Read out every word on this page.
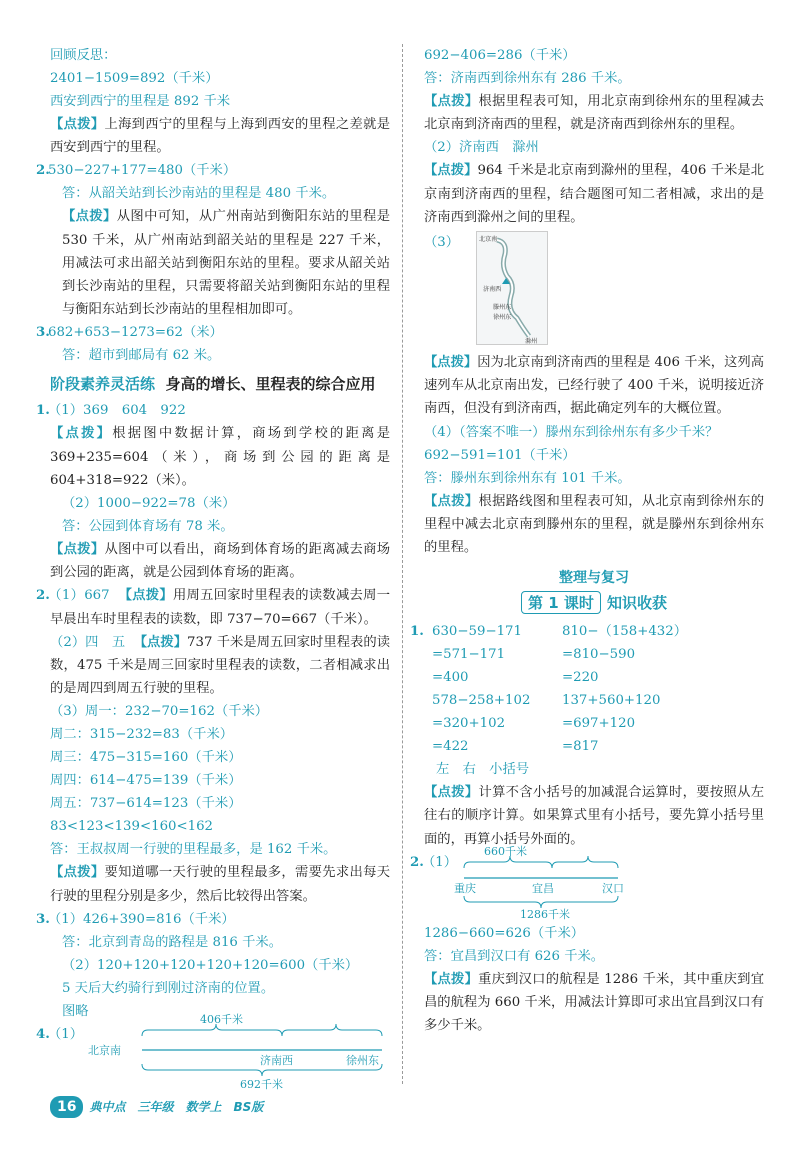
回顾反思：

2401−1509=892（千米）

西安到西宁的里程是 892 千米

【点拨】上海到西宁的里程与上海到西安的里程之差就是西安到西宁的里程。

2.530−227+177=480（千米）

答：从韶关站到长沙南站的里程是 480 千米。

【点拨】从图中可知，从广州南站到衡阳东站的里程是 530 千米，从广州南站到韶关站的里程是 227 千米，用减法可求出韶关站到衡阳东站的里程。要求从韶关站到长沙南站的里程，只需要将韶关站到衡阳东站的里程与衡阳东站到长沙南站的里程相加即可。

3.682+653−1273=62（米）

答：超市到邮局有 62 米。

阶段素养灵活练 身高的增长、里程表的综合应用

1.（1）369　604　922

【点拨】根据图中数据计算，商场到学校的距离是 369+235=604（米），商场到公园的距离是 604+318=922（米）。

（2）1000−922=78（米）

答：公园到体育场有 78 米。

【点拨】从图中可以看出，商场到体育场的距离减去商场到公园的距离，就是公园到体育场的距离。

2.（1）667 【点拨】用周五回家时里程表的读数减去周一早晨出车时里程表的读数，即 737−70=667（千米）。

（2）四　五 【点拨】737 千米是周五回家时里程表的读数，475 千米是周三回家时里程表的读数，二者相减求出的是周四到周五行驶的里程。

（3）周一：232−70=162（千米）

周二：315−232=83（千米）

周三：475−315=160（千米）

周四：614−475=139（千米）

周五：737−614=123（千米）

83<123<139<160<162

答：王叔叔周一行驶的里程最多，是 162 千米。

【点拨】要知道哪一天行驶的里程最多，需要先求出每天行驶的里程分别是多少，然后比较得出答案。

3.（1）426+390=816（千米）

答：北京到青岛的路程是 816 千米。

（2）120+120+120+120+120=600（千米）

5 天后大约骑行到刚过济南的位置。

图略

4.（1）

406千米
北京南
济南西	徐州东
692千米

692−406=286（千米）

答：济南西到徐州东有 286 千米。

【点拨】根据里程表可知，用北京南到徐州东的里程减去北京南到济南西的里程，就是济南西到徐州东的里程。

（2）济南西　滁州

【点拨】964 千米是北京南到滁州的里程，406 千米是北京南到济南西的里程，结合题图可知二者相减，求出的是济南西到滁州之间的里程。

$^{(3)}$	北京南
济南西
滕州东
徐州东
滁州

【点拨】因为北京南到济南西的里程是 406 千米，这列高速列车从北京南出发，已经行驶了 400 千米，说明接近济南西，但没有到济南西，据此确定列车的大概位置。

（4）（答案不唯一）滕州东到徐州东有多少千米？

692−591=101（千米）

答：滕州东到徐州东有 101 千米。

【点拨】根据路线图和里程表可知，从北京南到徐州东的里程中减去北京南到滕州东的里程，就是滕州东到徐州东的里程。

整理与复习
第 1 课时 知识收获
1. 630−59−171	810−（158+432）
=571−171	=810−590
=400	=220
578−258+102	137+560+120
=320+102	=697+120
=422	=817

左　右　小括号

【点拨】计算不含小括号的加减混合运算时，要按照从左往右的顺序计算。如果算式里有小括号，要先算小括号里面的，再算小括号外面的。

2.（1）

660千米
重庆	宜昌	汉口
1286千米

1286−660=626（千米）

答：宜昌到汉口有 626 千米。

【点拨】重庆到汉口的航程是 1286 千米，其中重庆到宜昌的航程为 660 千米，用减法计算即可求出宜昌到汉口有多少千米。

16 典中点　三年级　数学上　BS版
